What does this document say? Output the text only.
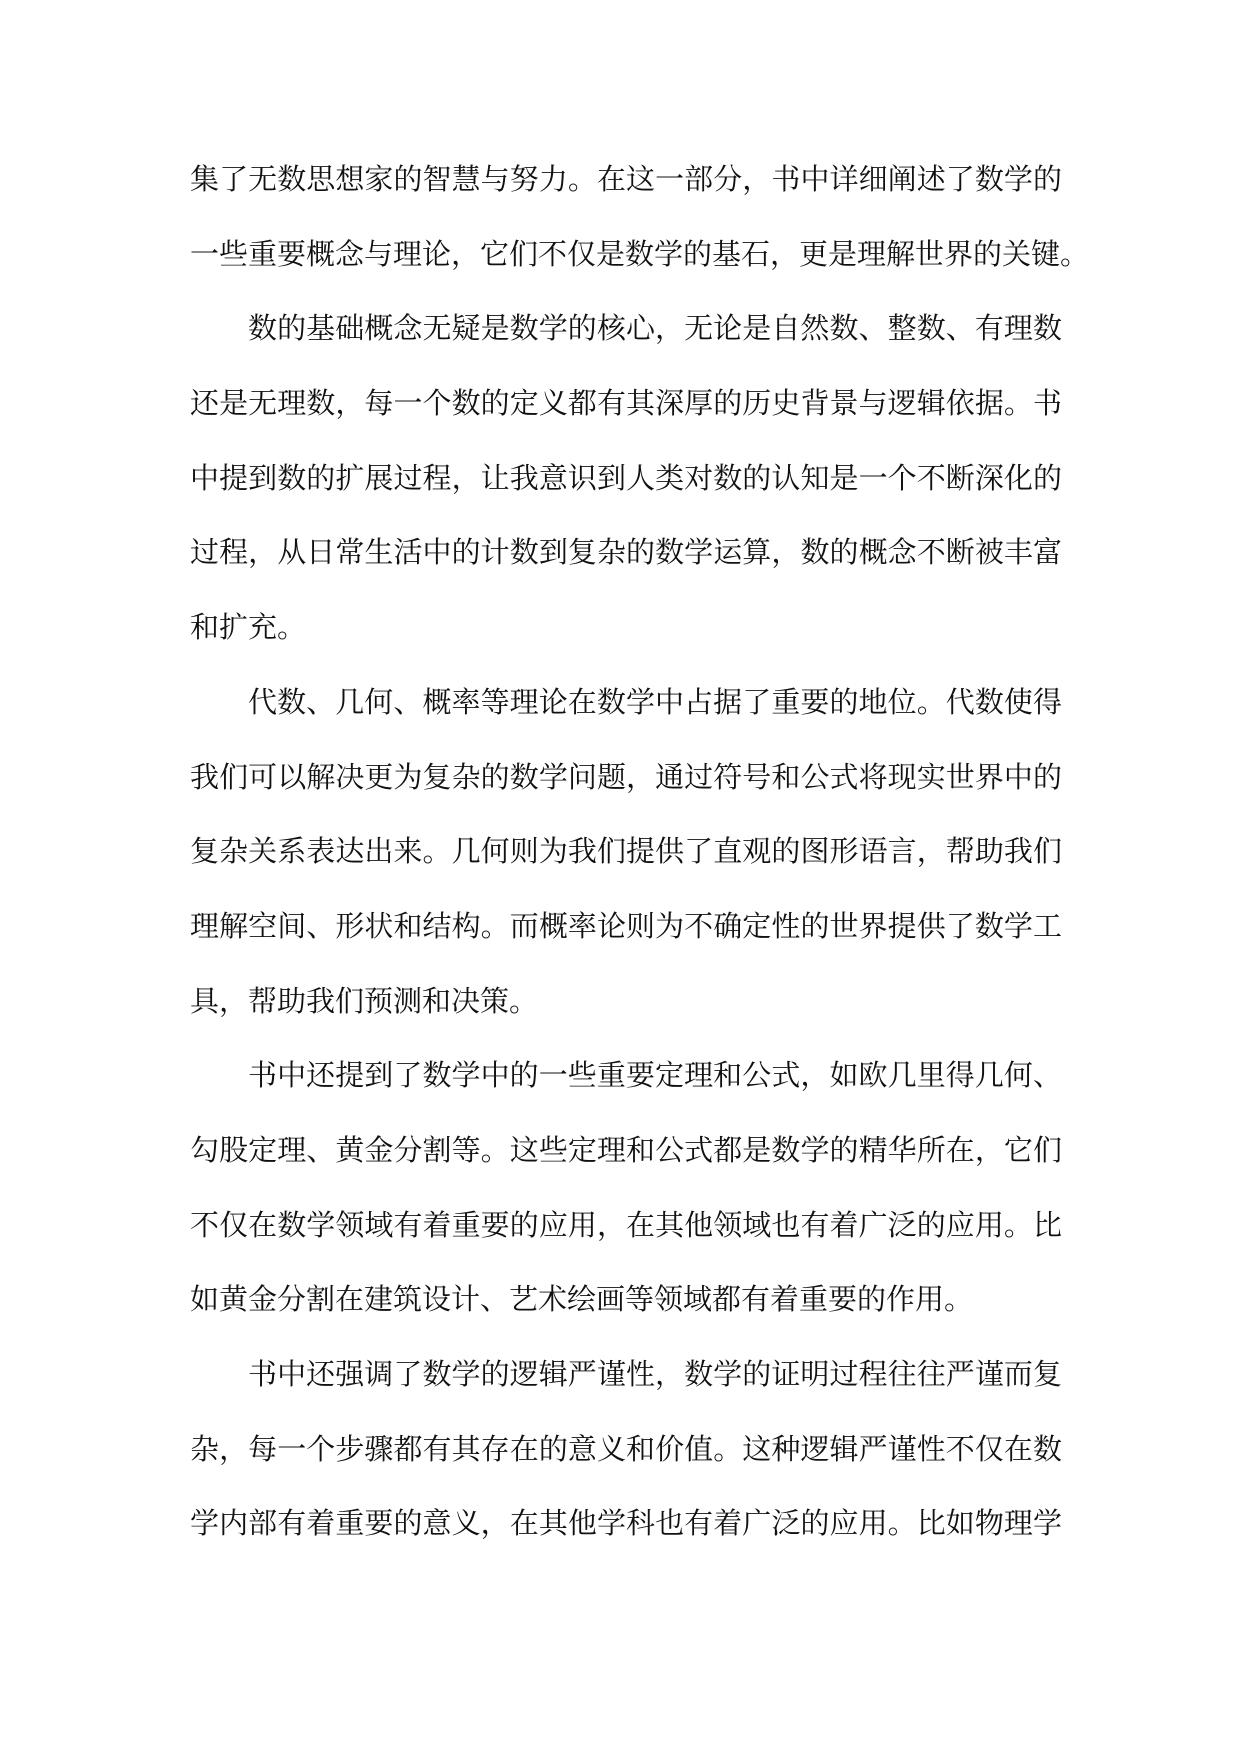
集了无数思想家的智慧与努力。在这一部分，书中详细阐述了数学的
一些重要概念与理论，它们不仅是数学的基石，更是理解世界的关键。
数的基础概念无疑是数学的核心，无论是自然数、整数、有理数
还是无理数，每一个数的定义都有其深厚的历史背景与逻辑依据。书
中提到数的扩展过程，让我意识到人类对数的认知是一个不断深化的
过程，从日常生活中的计数到复杂的数学运算，数的概念不断被丰富
和扩充。
代数、几何、概率等理论在数学中占据了重要的地位。代数使得
我们可以解决更为复杂的数学问题，通过符号和公式将现实世界中的
复杂关系表达出来。几何则为我们提供了直观的图形语言，帮助我们
理解空间、形状和结构。而概率论则为不确定性的世界提供了数学工
具，帮助我们预测和决策。
书中还提到了数学中的一些重要定理和公式，如欧几里得几何、
勾股定理、黄金分割等。这些定理和公式都是数学的精华所在，它们
不仅在数学领域有着重要的应用，在其他领域也有着广泛的应用。比
如黄金分割在建筑设计、艺术绘画等领域都有着重要的作用。
书中还强调了数学的逻辑严谨性，数学的证明过程往往严谨而复
杂，每一个步骤都有其存在的意义和价值。这种逻辑严谨性不仅在数
学内部有着重要的意义，在其他学科也有着广泛的应用。比如物理学
